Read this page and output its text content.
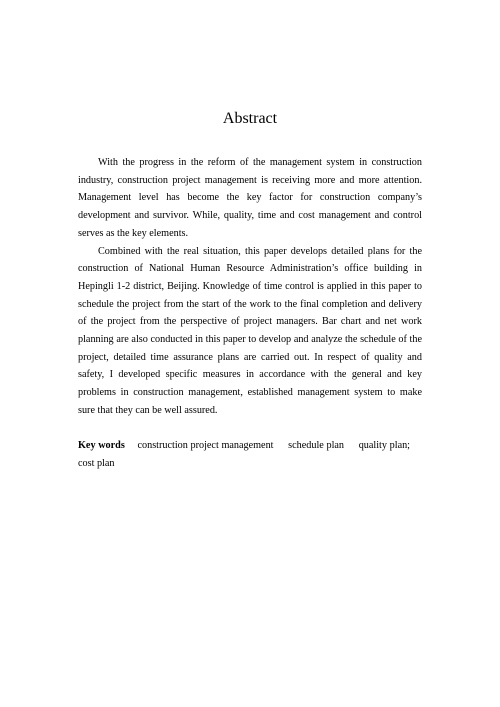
Abstract

With the progress in the reform of the management system in construction industry, construction project management is receiving more and more attention. Management level has become the key factor for construction company’s development and survivor. While, quality, time and cost management and control serves as the key elements.

Combined with the real situation, this paper develops detailed plans for the construction of National Human Resource Administration’s office building in Hepingli 1-2 district, Beijing. Knowledge of time control is applied in this paper to schedule the project from the start of the work to the final completion and delivery of the project from the perspective of project managers. Bar chart and net work planning are also conducted in this paper to develop and analyze the schedule of the project, detailed time assurance plans are carried out. In respect of quality and safety, I developed specific measures in accordance with the general and key problems in construction management, established management system to make sure that they can be well assured.

Key words construction project management schedule plan quality plan; cost plan
